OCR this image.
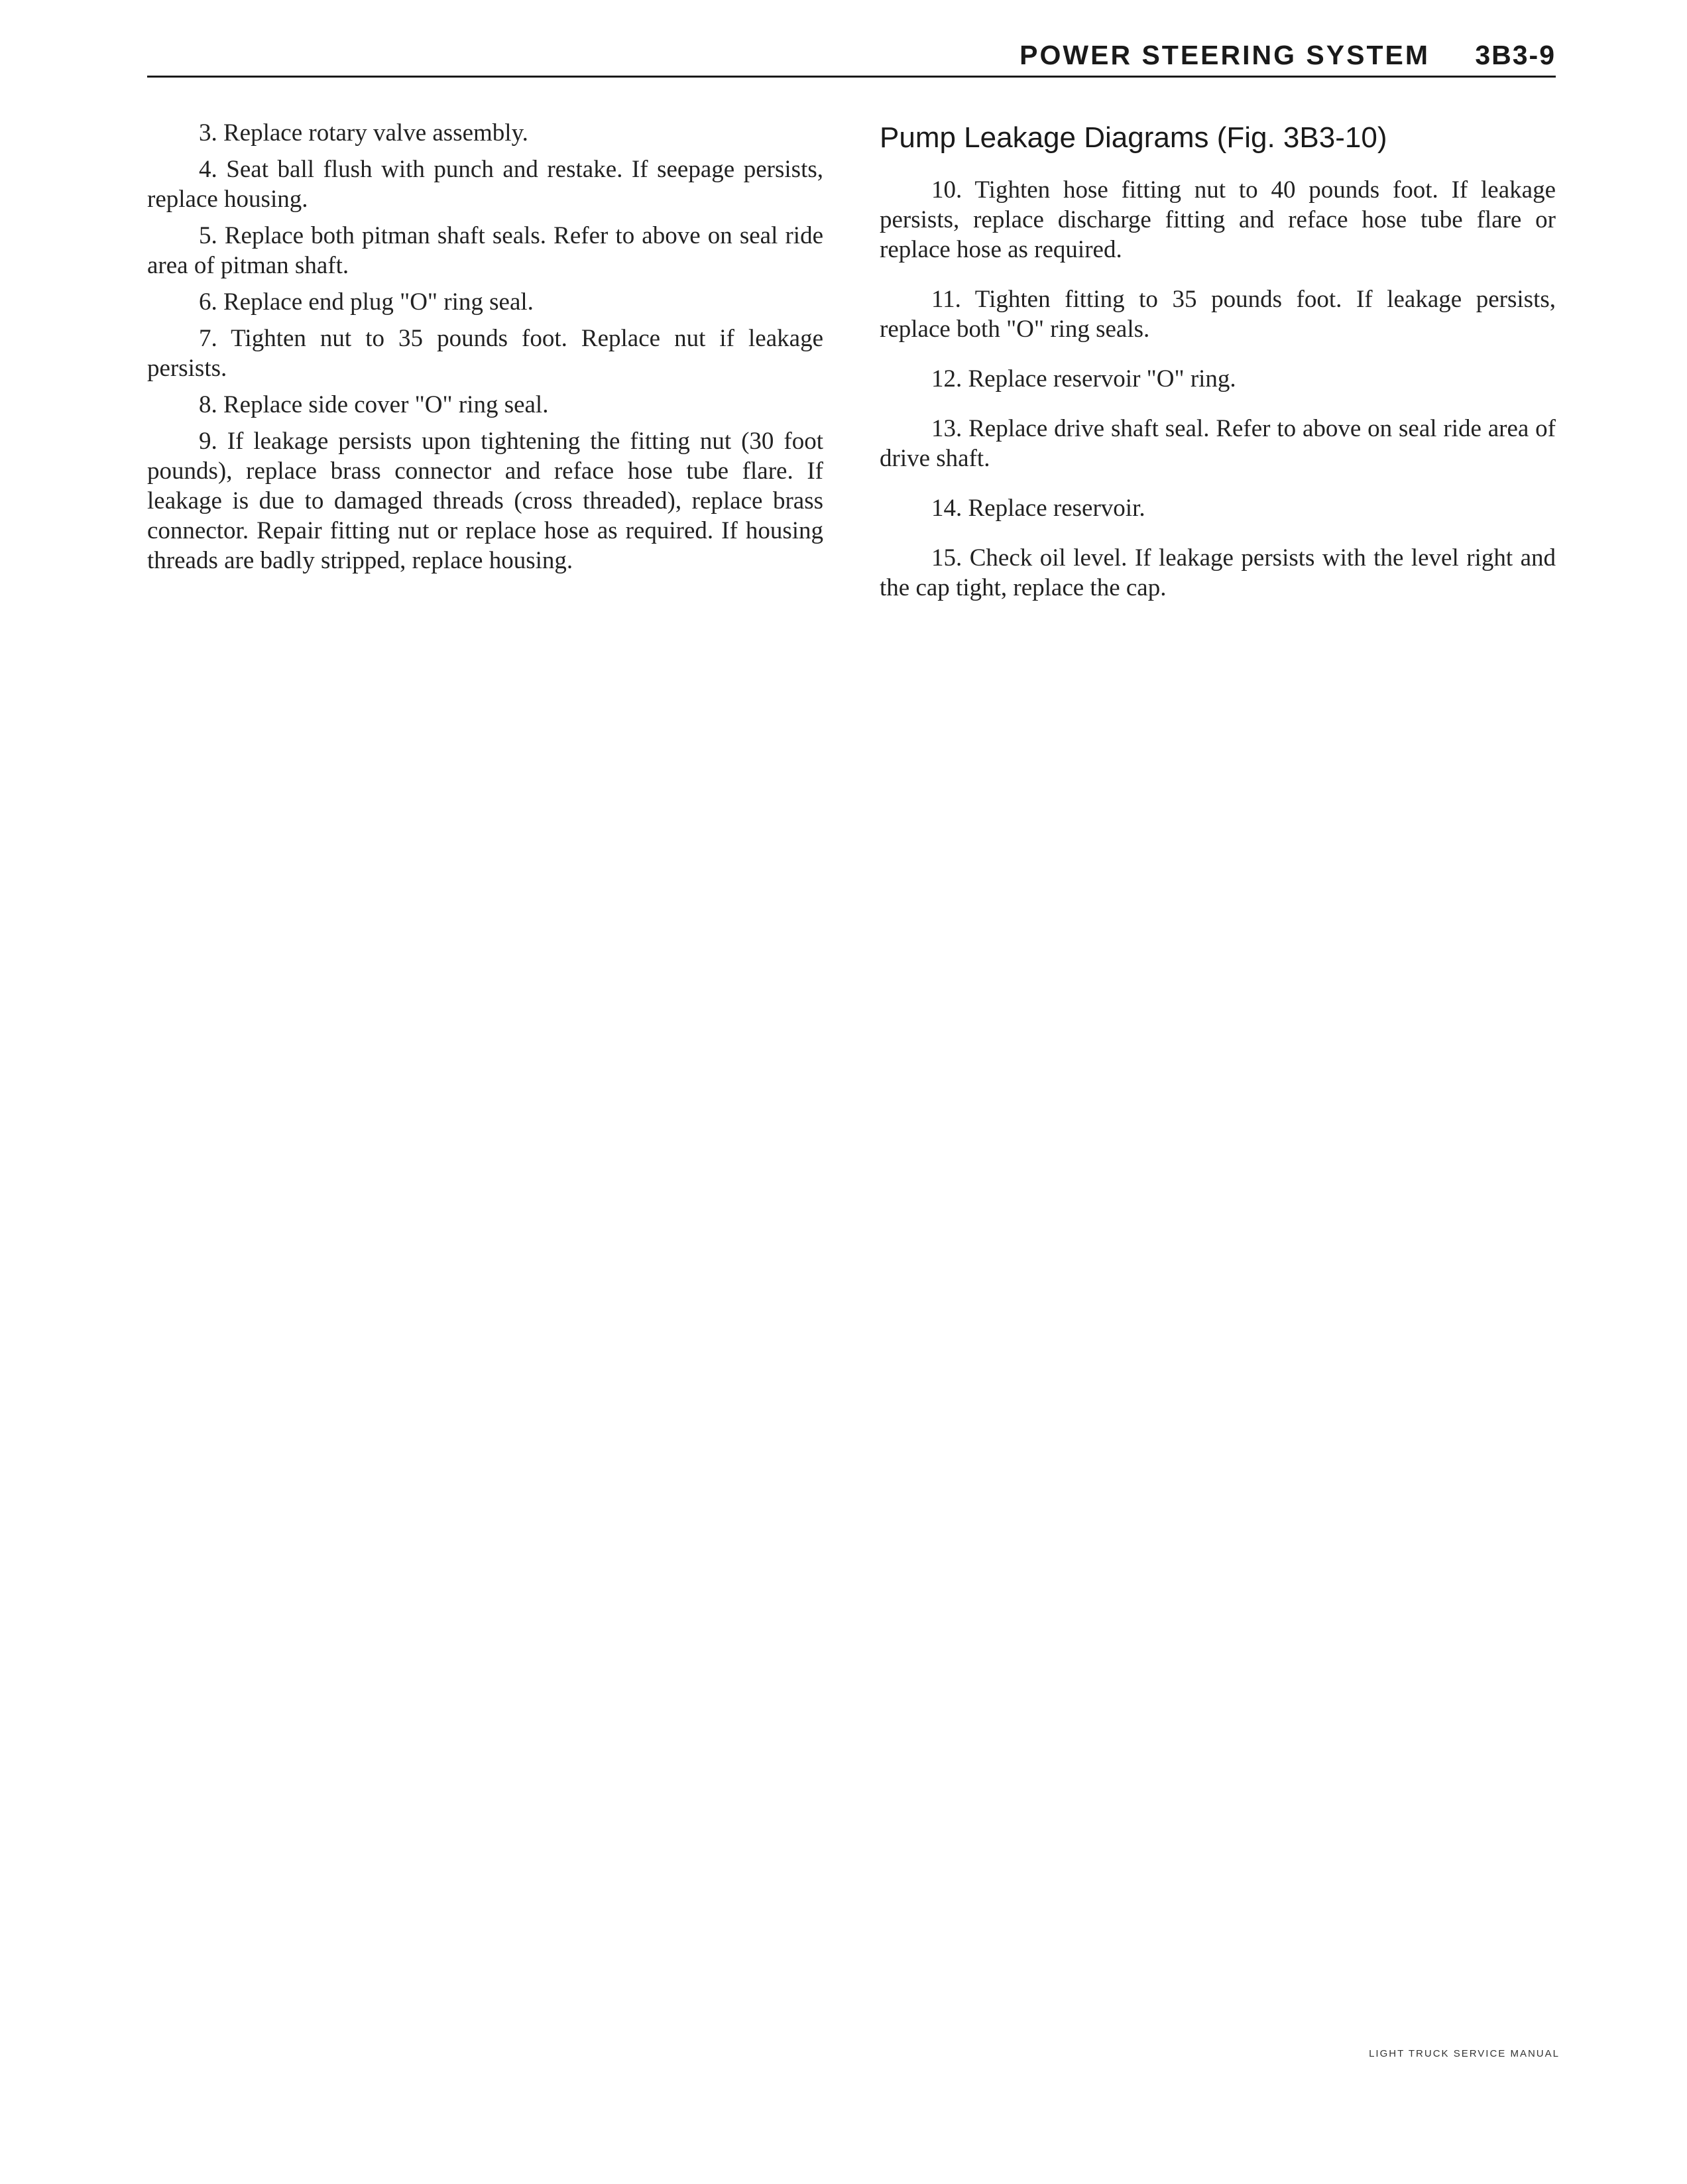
POWER STEERING SYSTEM 3B3-9

3. Replace rotary valve assembly.

4. Seat ball flush with punch and restake. If seepage persists, replace housing.

5. Replace both pitman shaft seals. Refer to above on seal ride area of pitman shaft.

6. Replace end plug "O" ring seal.

7. Tighten nut to 35 pounds foot. Replace nut if leakage persists.

8. Replace side cover "O" ring seal.

9. If leakage persists upon tightening the fitting nut (30 foot pounds), replace brass connector and reface hose tube flare. If leakage is due to damaged threads (cross threaded), replace brass connector. Repair fitting nut or replace hose as required. If housing threads are badly stripped, replace housing.

Pump Leakage Diagrams (Fig. 3B3-10)

10. Tighten hose fitting nut to 40 pounds foot. If leakage persists, replace discharge fitting and reface hose tube flare or replace hose as required.

11. Tighten fitting to 35 pounds foot. If leakage persists, replace both "O" ring seals.

12. Replace reservoir "O" ring.

13. Replace drive shaft seal. Refer to above on seal ride area of drive shaft.

14. Replace reservoir.

15. Check oil level. If leakage persists with the level right and the cap tight, replace the cap.

LIGHT TRUCK SERVICE MANUAL
